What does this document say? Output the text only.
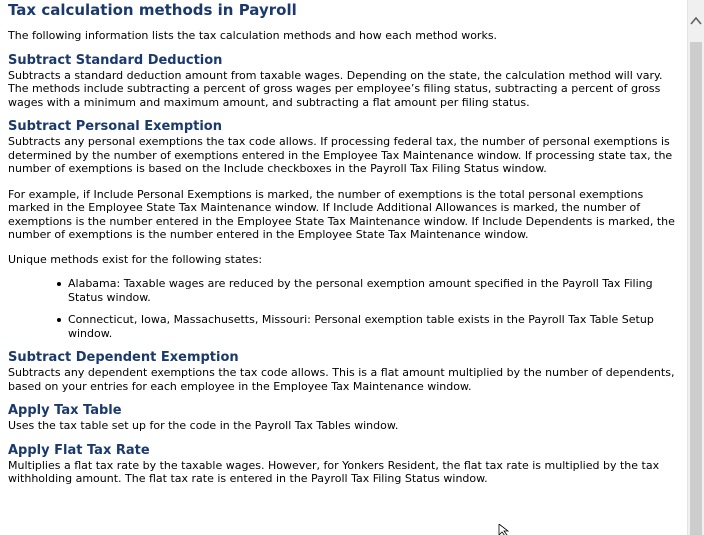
Tax calculation methods in Payroll

The following information lists the tax calculation methods and how each method works.

Subtract Standard Deduction

Subtracts a standard deduction amount from taxable wages. Depending on the state, the calculation method will vary. The methods include subtracting a percent of gross wages per employee’s filing status, subtracting a percent of gross wages with a minimum and maximum amount, and subtracting a flat amount per filing status.

Subtract Personal Exemption

Subtracts any personal exemptions the tax code allows. If processing federal tax, the number of personal exemptions is determined by the number of exemptions entered in the Employee Tax Maintenance window. If processing state tax, the number of exemptions is based on the Include checkboxes in the Payroll Tax Filing Status window.

For example, if Include Personal Exemptions is marked, the number of exemptions is the total personal exemptions marked in the Employee State Tax Maintenance window. If Include Additional Allowances is marked, the number of exemptions is the number entered in the Employee State Tax Maintenance window. If Include Dependents is marked, the number of exemptions is the number entered in the Employee State Tax Maintenance window.

Unique methods exist for the following states:

Alabama: Taxable wages are reduced by the personal exemption amount specified in the Payroll Tax Filing Status window.
Connecticut, Iowa, Massachusetts, Missouri: Personal exemption table exists in the Payroll Tax Table Setup window.
Subtract Dependent Exemption

Subtracts any dependent exemptions the tax code allows. This is a flat amount multiplied by the number of dependents, based on your entries for each employee in the Employee Tax Maintenance window.

Apply Tax Table

Uses the tax table set up for the code in the Payroll Tax Tables window.

Apply Flat Tax Rate

Multiplies a flat tax rate by the taxable wages. However, for Yonkers Resident, the flat tax rate is multiplied by the tax withholding amount. The flat tax rate is entered in the Payroll Tax Filing Status window.
